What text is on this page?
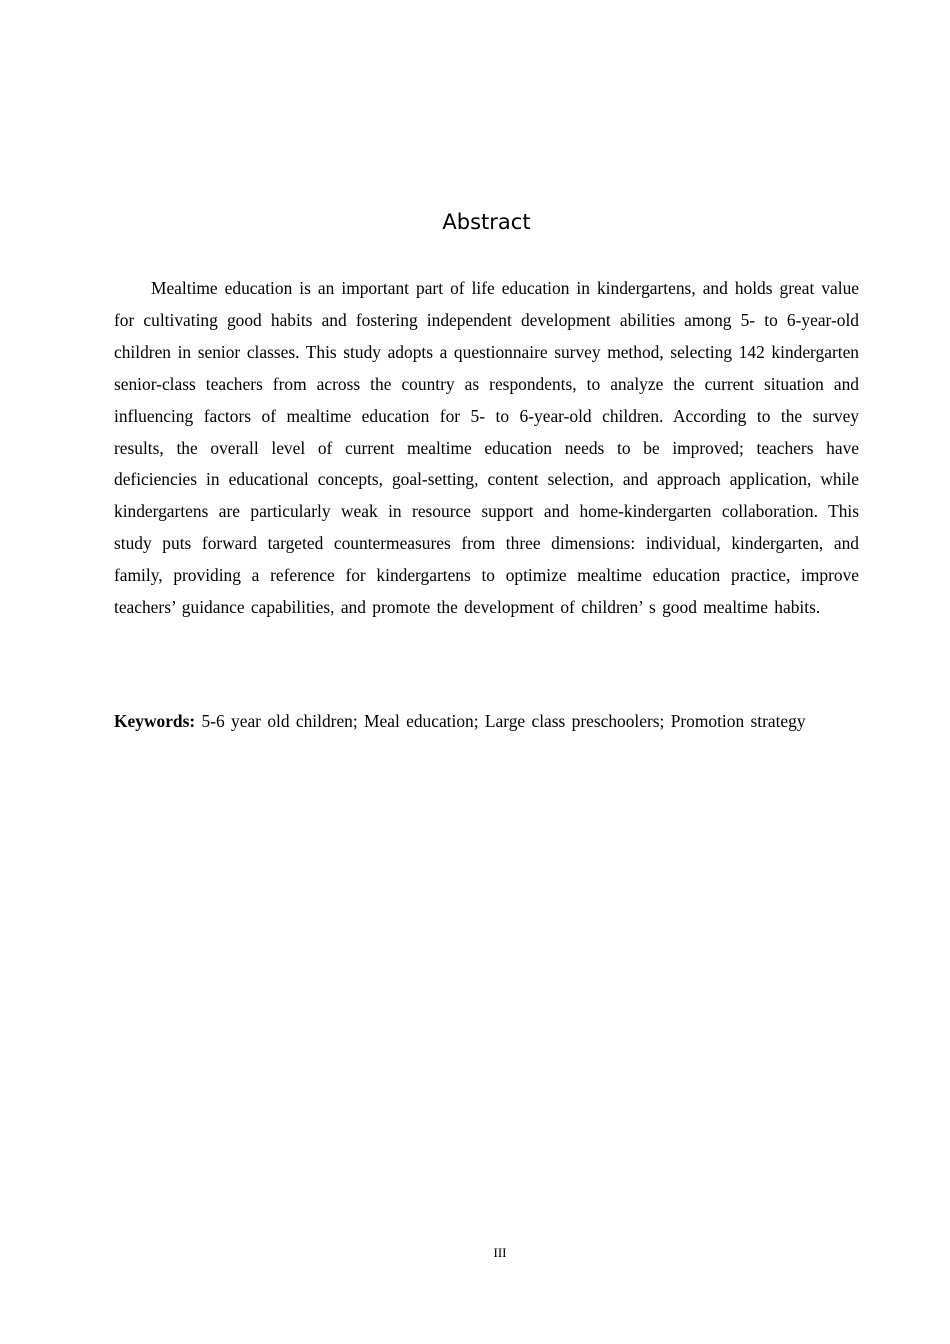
Abstract

Mealtime education is an important part of life education in kindergartens, and holds great value for cultivating good habits and fostering independent development abilities among 5- to 6-year-old children in senior classes. This study adopts a questionnaire survey method, selecting 142 kindergarten senior-class teachers from across the country as respondents, to analyze the current situation and influencing factors of mealtime education for 5- to 6-year-old children. According to the survey results, the overall level of current mealtime education needs to be improved; teachers have deficiencies in educational concepts, goal-setting, content selection, and approach application, while kindergartens are particularly weak in resource support and home-kindergarten collaboration. This study puts forward targeted countermeasures from three dimensions: individual, kindergarten, and family, providing a reference for kindergartens to optimize mealtime education practice, improve teachers’ guidance capabilities, and promote the development of children’ s good mealtime habits.

Keywords: 5-6 year old children; Meal education; Large class preschoolers; Promotion strategy

III
